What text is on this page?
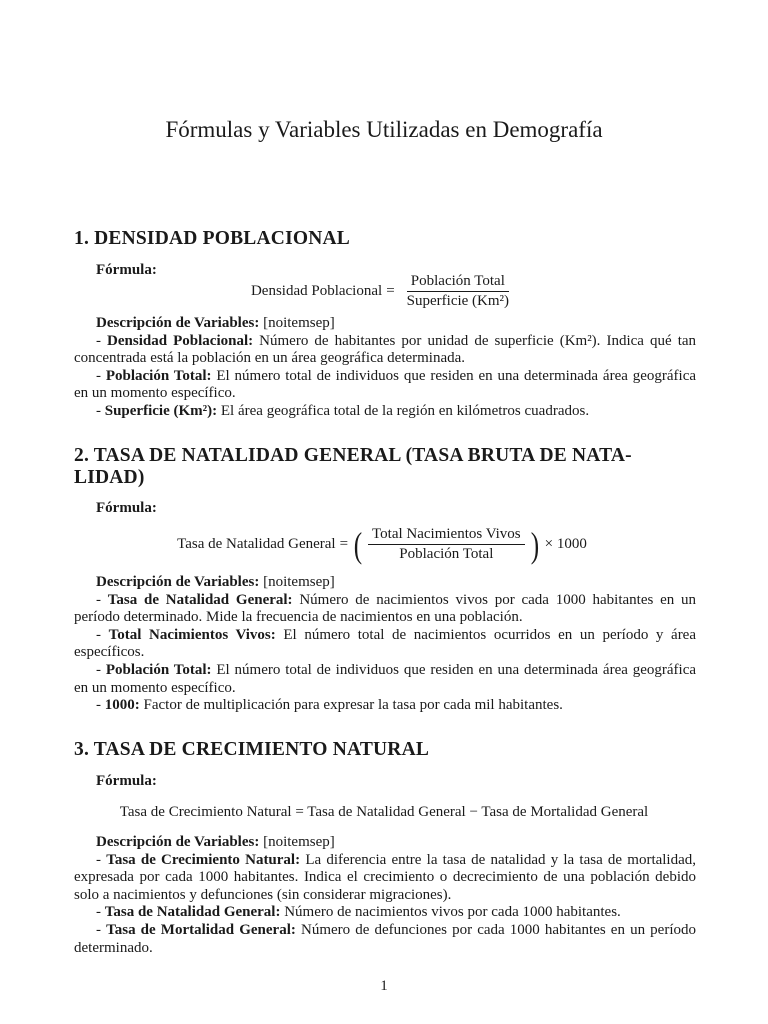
Fórmulas y Variables Utilizadas en Demografía
1. DENSIDAD POBLACIONAL
Fórmula:
Densidad Poblacional = $\frac{\text{Población Total}}{\text{Superficie (Km²)}}$

Descripción de Variables: [noitemsep]

- Densidad Poblacional: Número de habitantes por unidad de superficie (Km²). Indica qué tan concentrada está la población en un área geográfica determinada.

- Población Total: El número total de individuos que residen en una determinada área geográfica en un momento específico.

- Superficie (Km²): El área geográfica total de la región en kilómetros cuadrados.

2. TASA DE NATALIDAD GENERAL (TASA BRUTA DE NATA-LIDAD)
Fórmula:
Tasa de Natalidad General = ( $\frac{\text{Total Nacimientos Vivos}}{\text{Población Total}}$ ) × 1000

Descripción de Variables: [noitemsep]

- Tasa de Natalidad General: Número de nacimientos vivos por cada 1000 habitantes en un período determinado. Mide la frecuencia de nacimientos en una población.

- Total Nacimientos Vivos: El número total de nacimientos ocurridos en un período y área específicos.

- Población Total: El número total de individuos que residen en una determinada área geográfica en un momento específico.

- 1000: Factor de multiplicación para expresar la tasa por cada mil habitantes.

3. TASA DE CRECIMIENTO NATURAL
Fórmula:
Tasa de Crecimiento Natural = Tasa de Natalidad General − Tasa de Mortalidad General

Descripción de Variables: [noitemsep]

- Tasa de Crecimiento Natural: La diferencia entre la tasa de natalidad y la tasa de mortalidad, expresada por cada 1000 habitantes. Indica el crecimiento o decrecimiento de una población debido solo a nacimientos y defunciones (sin considerar migraciones).

- Tasa de Natalidad General: Número de nacimientos vivos por cada 1000 habitantes.

- Tasa de Mortalidad General: Número de defunciones por cada 1000 habitantes en un período determinado.

1
